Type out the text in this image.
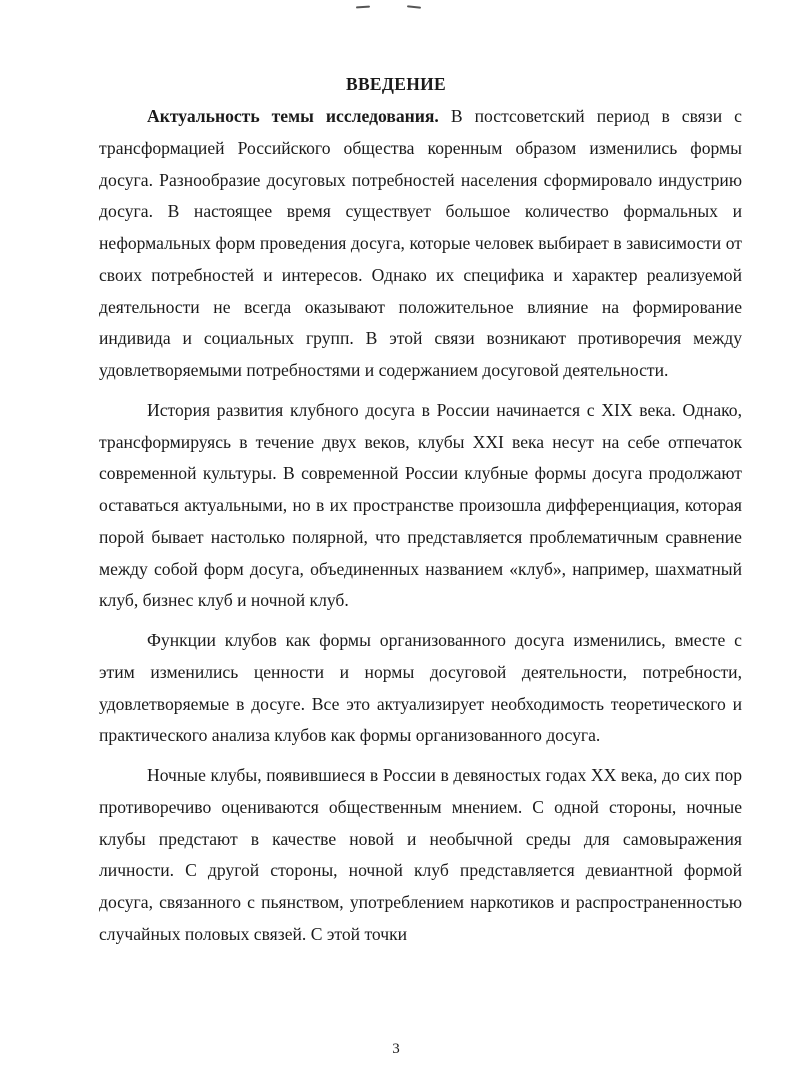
ВВЕДЕНИЕ

Актуальность темы исследования. В постсоветский период в связи с трансформацией Российского общества коренным образом изменились формы досуга. Разнообразие досуговых потребностей населения сформировало индустрию досуга. В настоящее время существует большое количество формальных и неформальных форм проведения досуга, которые человек выбирает в зависимости от своих потребностей и интересов. Однако их специфика и характер реализуемой деятельности не всегда оказывают положительное влияние на формирование индивида и социальных групп. В этой связи возникают противоречия между удовлетворяемыми потребностями и содержанием досуговой деятельности.

История развития клубного досуга в России начинается с XIX века. Однако, трансформируясь в течение двух веков, клубы XXI века несут на себе отпечаток современной культуры. В современной России клубные формы досуга продолжают оставаться актуальными, но в их пространстве произошла дифференциация, которая порой бывает настолько полярной, что представляется проблематичным сравнение между собой форм досуга, объединенных названием «клуб», например, шахматный клуб, бизнес клуб и ночной клуб.

Функции клубов как формы организованного досуга изменились, вместе с этим изменились ценности и нормы досуговой деятельности, потребности, удовлетворяемые в досуге. Все это актуализирует необходимость теоретического и практического анализа клубов как формы организованного досуга.

Ночные клубы, появившиеся в России в девяностых годах XX века, до сих пор противоречиво оцениваются общественным мнением. С одной стороны, ночные клубы предстают в качестве новой и необычной среды для самовыражения личности. С другой стороны, ночной клуб представляется девиантной формой досуга, связанного с пьянством, употреблением наркотиков и распространенностью случайных половых связей. С этой точки

3
